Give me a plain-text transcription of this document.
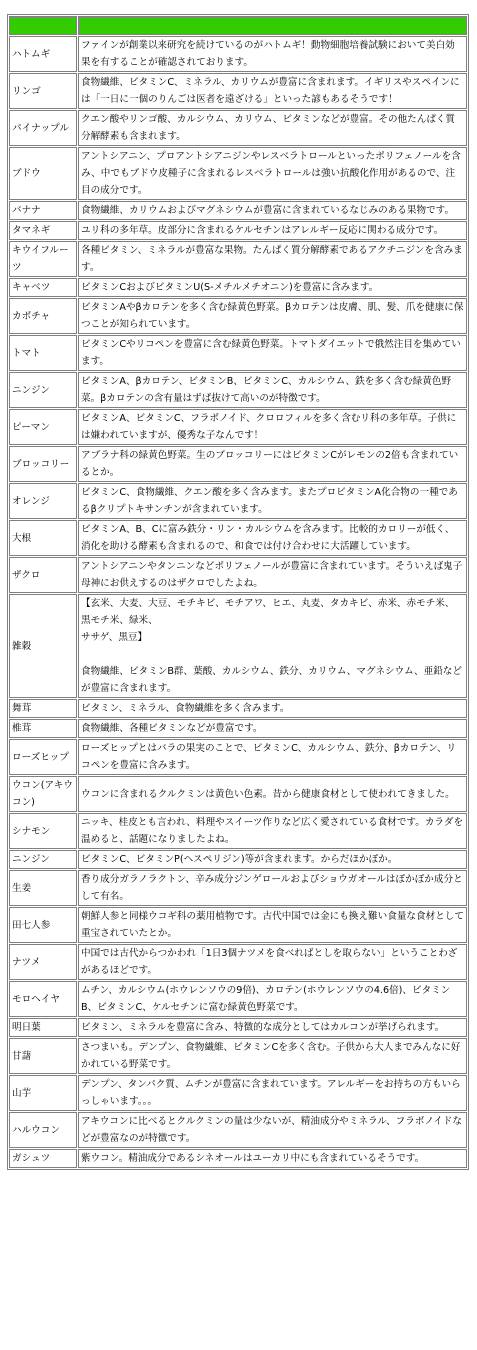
ハトムギ	ファインが創業以来研究を続けているのがハトムギ！動物細胞培養試験において美白効果を有することが確認されております。
リンゴ	食物繊維、ビタミンC、ミネラル、カリウムが豊富に含まれます。イギリスやスペインには「一日に一個のりんごは医者を遠ざける」といった諺もあるそうです！
パイナップル	クエン酸やリンゴ酸、カルシウム、カリウム、ビタミンなどが豊富。その他たんぱく質分解酵素も含まれます。
ブドウ	アントシアニン、プロアントシアニジンやレスベラトロールといったポリフェノールを含み、中でもブドウ皮種子に含まれるレスベラトロールは強い抗酸化作用があるので、注目の成分です。
バナナ	食物繊維、カリウムおよびマグネシウムが豊富に含まれているなじみのある果物です。
タマネギ	ユリ科の多年草。皮部分に含まれるケルセチンはアレルギー反応に関わる成分です。
キウイフルーツ	各種ビタミン、ミネラルが豊富な果物。たんぱく質分解酵素であるアクチニジンを含みます。
キャベツ	ビタミンCおよびビタミンU(S-メチルメチオニン)を豊富に含みます。
カボチャ	ビタミンAやβカロテンを多く含む緑黄色野菜。βカロテンは皮膚、肌、髪、爪を健康に保つことが知られています。
トマト	ビタミンCやリコペンを豊富に含む緑黄色野菜。トマトダイエットで俄然注目を集めています。
ニンジン	ビタミンA、βカロテン、ビタミンB、ビタミンC、カルシウム、鉄を多く含む緑黄色野菜。βカロテンの含有量はずば抜けて高いのが特徴です。
ピーマン	ビタミンA、ビタミンC、フラボノイド、クロロフィルを多く含むリ科の多年草。子供には嫌われていますが、優秀な子なんです！
ブロッコリー	アブラナ科の緑黄色野菜。生のブロッコリーにはビタミンCがレモンの2倍も含まれているとか。
オレンジ	ビタミンC、食物繊維、クエン酸を多く含みます。またプロビタミンA化合物の一種であるβクリプトキサンチンが含まれています。
大根	ビタミンA、B、Cに富み鉄分・リン・カルシウムを含みます。比較的カロリーが低く、消化を助ける酵素も含まれるので、和食では付け合わせに大活躍しています。
ザクロ	アントシアニンやタンニンなどポリフェノールが豊富に含まれています。そういえば鬼子母神にお供えするのはザクロでしたよね。
雑穀	【玄米、大麦、大豆、モチキビ、モチアワ、ヒエ、丸麦、タカキビ、赤米、赤モチ米、黒モチ米、緑米、
ササゲ、黒豆】
食物繊維、ビタミンB群、葉酸、カルシウム、鉄分、カリウム、マグネシウム、亜鉛などが豊富に含まれます。

舞茸	ビタミン、ミネラル、食物繊維を多く含みます。
椎茸	食物繊維、各種ビタミンなどが豊富です。
ローズヒップ	ローズヒップとはバラの果実のことで、ビタミンC、カルシウム、鉄分、βカロテン、リコペンを豊富に含みます。
ウコン(アキウコン)	ウコンに含まれるクルクミンは黄色い色素。昔から健康食材として使われてきました。
シナモン	ニッキ、桂皮とも言われ、料理やスイーツ作りなど広く愛されている食材です。カラダを温めると、話題になりましたよね。
ニンジン	ビタミンC、ビタミンP(ヘスペリジン)等が含まれます。からだほかぽか。
生姜	香り成分ガラノラクトン、辛み成分ジンゲロールおよびショウガオールはぽかぽか成分として有名。
田七人参	朝鮮人参と同様ウコギ科の薬用植物です。古代中国では金にも換え難い食量な食材として重宝されていたとか。
ナツメ	中国では古代からつかわれ「1日3個ナツメを食べればとしを取らない」ということわざがあるほどです。
モロヘイヤ	ムチン、カルシウム(ホウレンソウの9倍)、カロテン(ホウレンソウの4.6倍)、ビタミンB、ビタミンC、ケルセチンに富む緑黄色野菜です。
明日葉	ビタミン、ミネラルを豊富に含み、特徴的な成分としてはカルコンが挙げられます。
甘藷	さつまいも。デンプン、食物繊維、ビタミンCを多く含む。子供から大人までみんなに好かれている野菜です。
山芋	デンプン、タンパク質、ムチンが豊富に含まれています。アレルギーをお持ちの方もいらっしゃいます。。。
ハルウコン	アキウコンに比べるとクルクミンの量は少ないが、精油成分やミネラル、フラボノイドなどが豊富なのが特徴です。
ガシュツ	紫ウコン。精油成分であるシネオールはユーカリ中にも含まれているそうです。
